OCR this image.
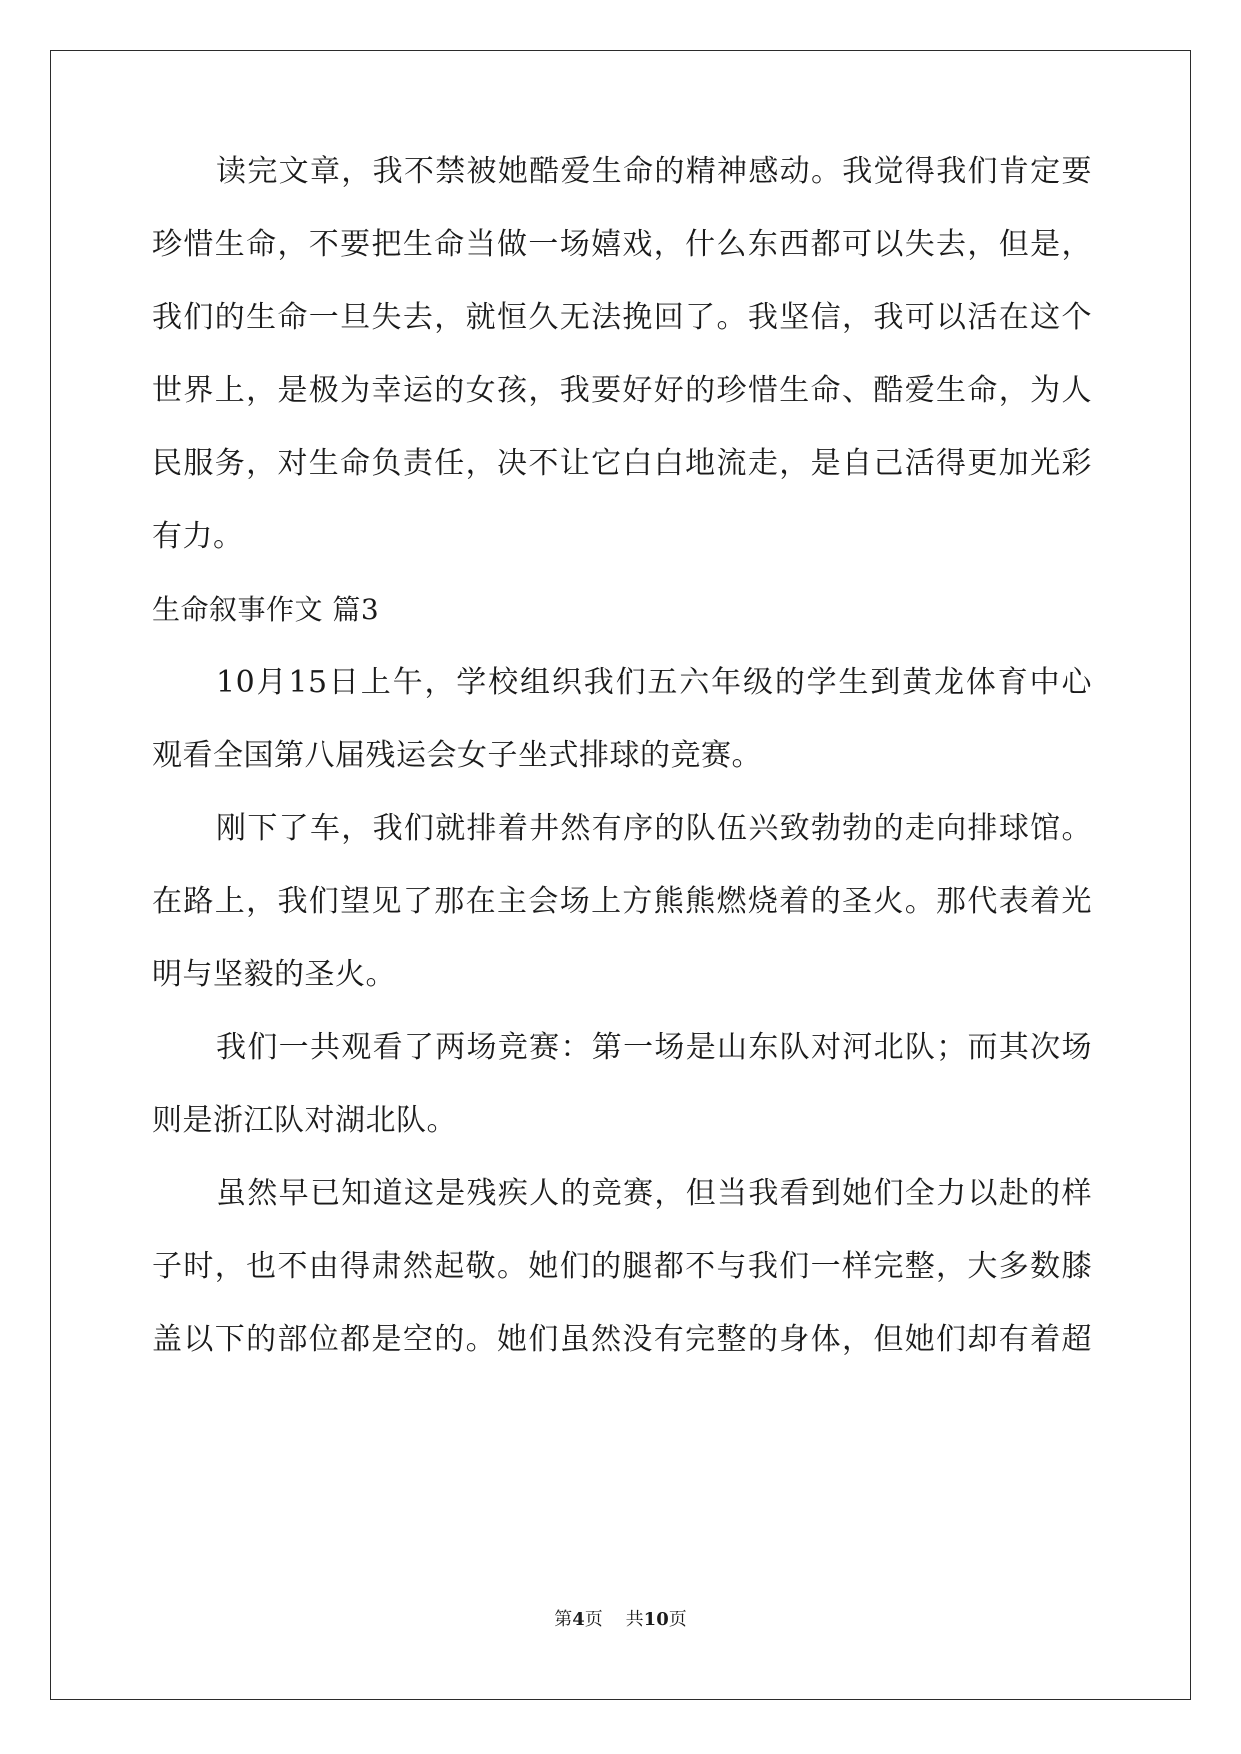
读完文章，我不禁被她酷爱生命的精神感动。我觉得我们肯定要
珍惜生命，不要把生命当做一场嬉戏，什么东西都可以失去，但是，
我们的生命一旦失去，就恒久无法挽回了。我坚信，我可以活在这个
世界上，是极为幸运的女孩，我要好好的珍惜生命、酷爱生命，为人
民服务，对生命负责任，决不让它白白地流走，是自己活得更加光彩
有力。
生命叙事作文 篇3
10月15日上午，学校组织我们五六年级的学生到黄龙体育中心
观看全国第八届残运会女子坐式排球的竞赛。
刚下了车，我们就排着井然有序的队伍兴致勃勃的走向排球馆。
在路上，我们望见了那在主会场上方熊熊燃烧着的圣火。那代表着光
明与坚毅的圣火。
我们一共观看了两场竞赛：第一场是山东队对河北队；而其次场
则是浙江队对湖北队。
虽然早已知道这是残疾人的竞赛，但当我看到她们全力以赴的样
子时，也不由得肃然起敬。她们的腿都不与我们一样完整，大多数膝
盖以下的部位都是空的。她们虽然没有完整的身体，但她们却有着超
第4页 共10页
